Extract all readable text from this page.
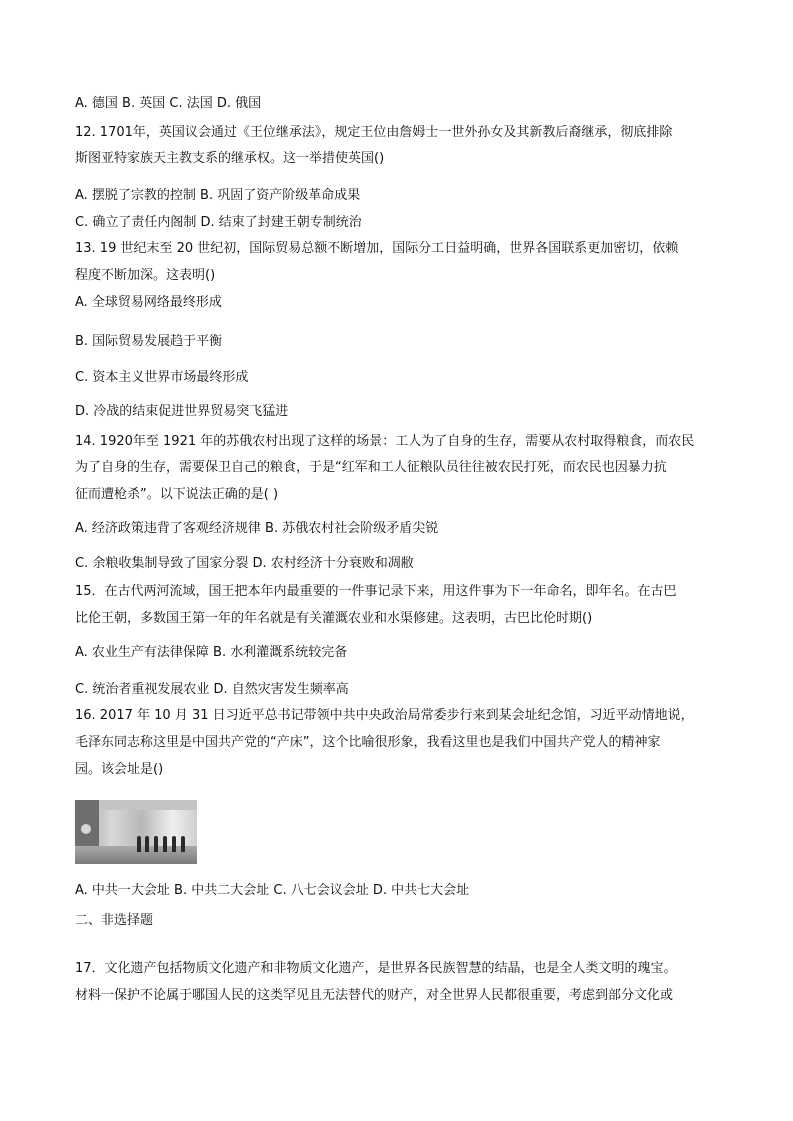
A. 德国 B. 英国 C. 法国 D. 俄国
12. 1701年，英国议会通过《王位继承法》，规定王位由詹姆士一世外孙女及其新教后裔继承，彻底排除
斯图亚特家族天主教支系的继承权。这一举措使英国()
A. 摆脱了宗教的控制 B. 巩固了资产阶级革命成果
C. 确立了责任内阁制 D. 结束了封建王朝专制统治
13. 19 世纪末至 20 世纪初，国际贸易总额不断增加，国际分工日益明确，世界各国联系更加密切，依赖
程度不断加深。这表明()
A. 全球贸易网络最终形成
B. 国际贸易发展趋于平衡
C. 资本主义世界市场最终形成
D. 冷战的结束促进世界贸易突飞猛进
14. 1920年至 1921 年的苏俄农村出现了这样的场景：工人为了自身的生存，需要从农村取得粮食，而农民
为了自身的生存，需要保卫自己的粮食，于是“红军和工人征粮队员往往被农民打死，而农民也因暴力抗
征而遭枪杀”。以下说法正确的是( )
A. 经济政策违背了客观经济规律 B. 苏俄农村社会阶级矛盾尖锐
C. 余粮收集制导致了国家分裂 D. 农村经济十分衰败和凋敝
15．在古代两河流域，国王把本年内最重要的一件事记录下来，用这件事为下一年命名，即年名。在古巴
比伦王朝，多数国王第一年的年名就是有关灌溉农业和水渠修建。这表明，古巴比伦时期()
A. 农业生产有法律保障 B. 水利灌溉系统较完备
C. 统治者重视发展农业 D. 自然灾害发生频率高
16. 2017 年 10 月 31 日习近平总书记带领中共中央政治局常委步行来到某会址纪念馆，习近平动情地说，
毛泽东同志称这里是中国共产党的“产床”，这个比喻很形象，我看这里也是我们中国共产党人的精神家
园。该会址是()
A. 中共一大会址 B. 中共二大会址 C. 八七会议会址 D. 中共七大会址
二、非选择题
17．文化遗产包括物质文化遗产和非物质文化遗产，是世界各民族智慧的结晶，也是全人类文明的瑰宝。
材料一保护不论属于哪国人民的这类罕见且无法替代的财产，对全世界人民都很重要，考虑到部分文化或
